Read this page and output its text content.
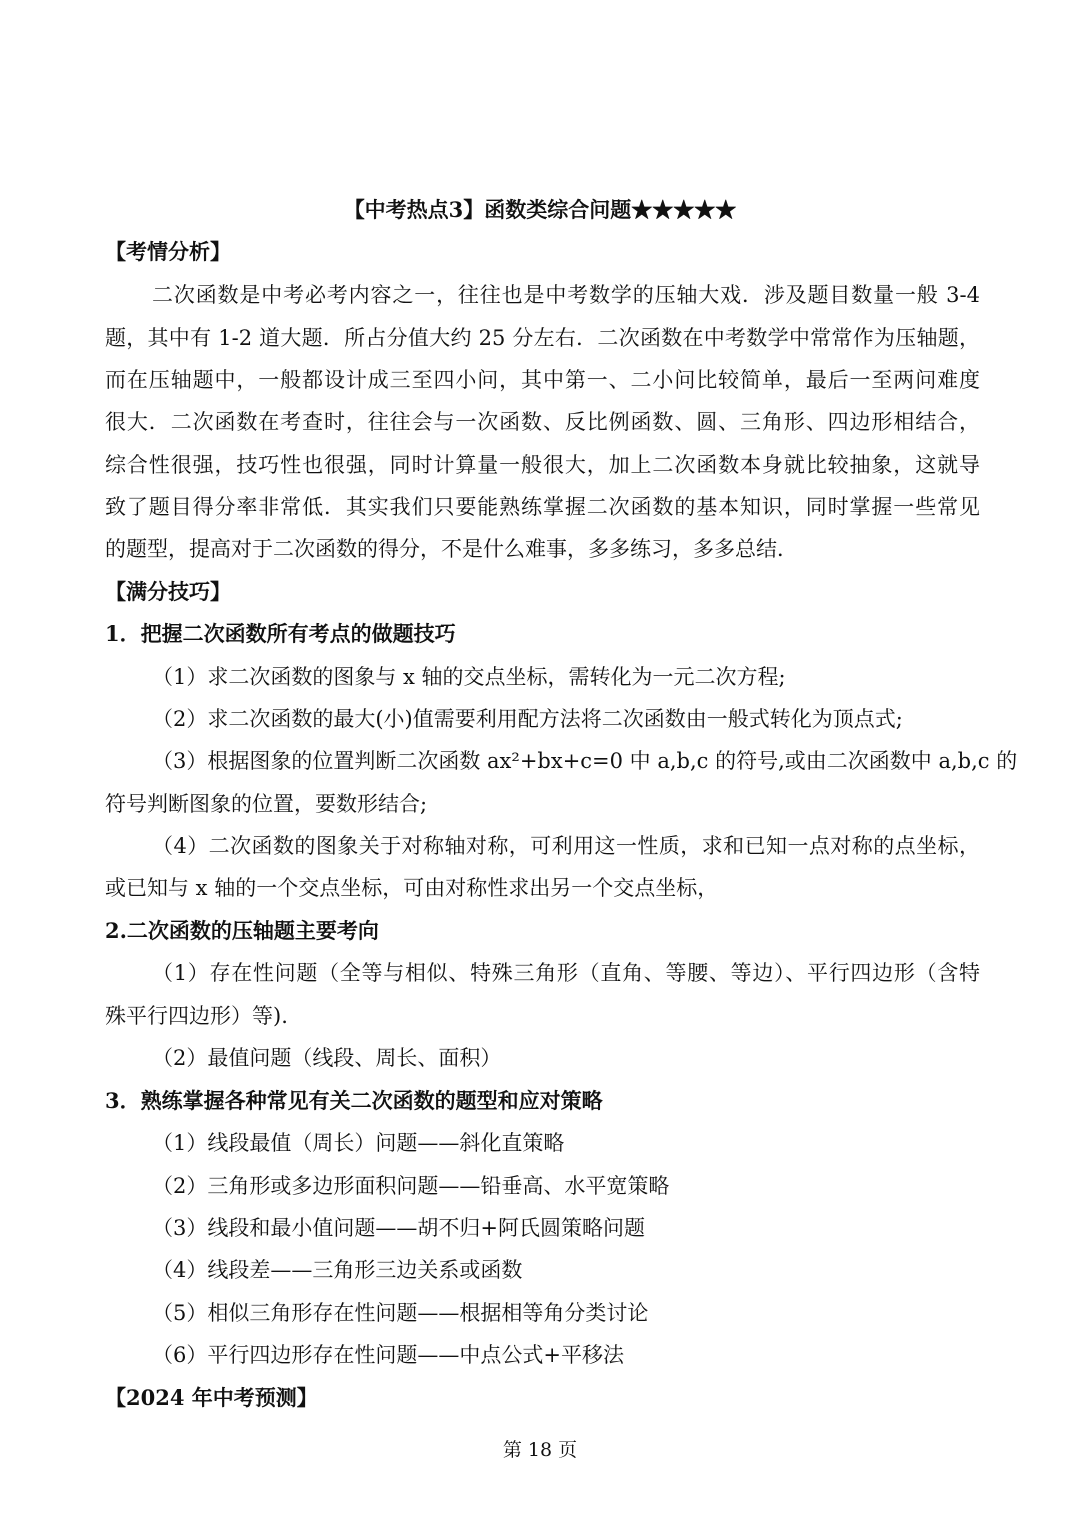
【中考热点3】函数类综合问题★★★★★
【考情分析】
二次函数是中考必考内容之一，往往也是中考数学的压轴大戏．涉及题目数量一般 3-4
题，其中有 1-2 道大题．所占分值大约 25 分左右．二次函数在中考数学中常常作为压轴题，
而在压轴题中，一般都设计成三至四小问，其中第一、二小问比较简单，最后一至两问难度
很大．二次函数在考查时，往往会与一次函数、反比例函数、圆、三角形、四边形相结合，
综合性很强，技巧性也很强，同时计算量一般很大，加上二次函数本身就比较抽象，这就导
致了题目得分率非常低．其实我们只要能熟练掌握二次函数的基本知识，同时掌握一些常见
的题型，提高对于二次函数的得分，不是什么难事，多多练习，多多总结．
【满分技巧】
1．把握二次函数所有考点的做题技巧
（1）求二次函数的图象与 x 轴的交点坐标，需转化为一元二次方程;
（2）求二次函数的最大(小)值需要利用配方法将二次函数由一般式转化为顶点式;
（3）根据图象的位置判断二次函数 ax²+bx+c=0 中 a,b,c 的符号,或由二次函数中 a,b,c 的
符号判断图象的位置，要数形结合;
（4）二次函数的图象关于对称轴对称，可利用这一性质，求和已知一点对称的点坐标，
或已知与 x 轴的一个交点坐标，可由对称性求出另一个交点坐标，
2.二次函数的压轴题主要考向
（1）存在性问题（全等与相似、特殊三角形（直角、等腰、等边）、平行四边形（含特
殊平行四边形）等).
（2）最值问题（线段、周长、面积）
3．熟练掌握各种常见有关二次函数的题型和应对策略
（1）线段最值（周长）问题——斜化直策略
（2）三角形或多边形面积问题——铅垂高、水平宽策略
（3）线段和最小值问题——胡不归+阿氏圆策略问题
（4）线段差——三角形三边关系或函数
（5）相似三角形存在性问题——根据相等角分类讨论
（6）平行四边形存在性问题——中点公式+平移法
【2024 年中考预测】
第 18 页
